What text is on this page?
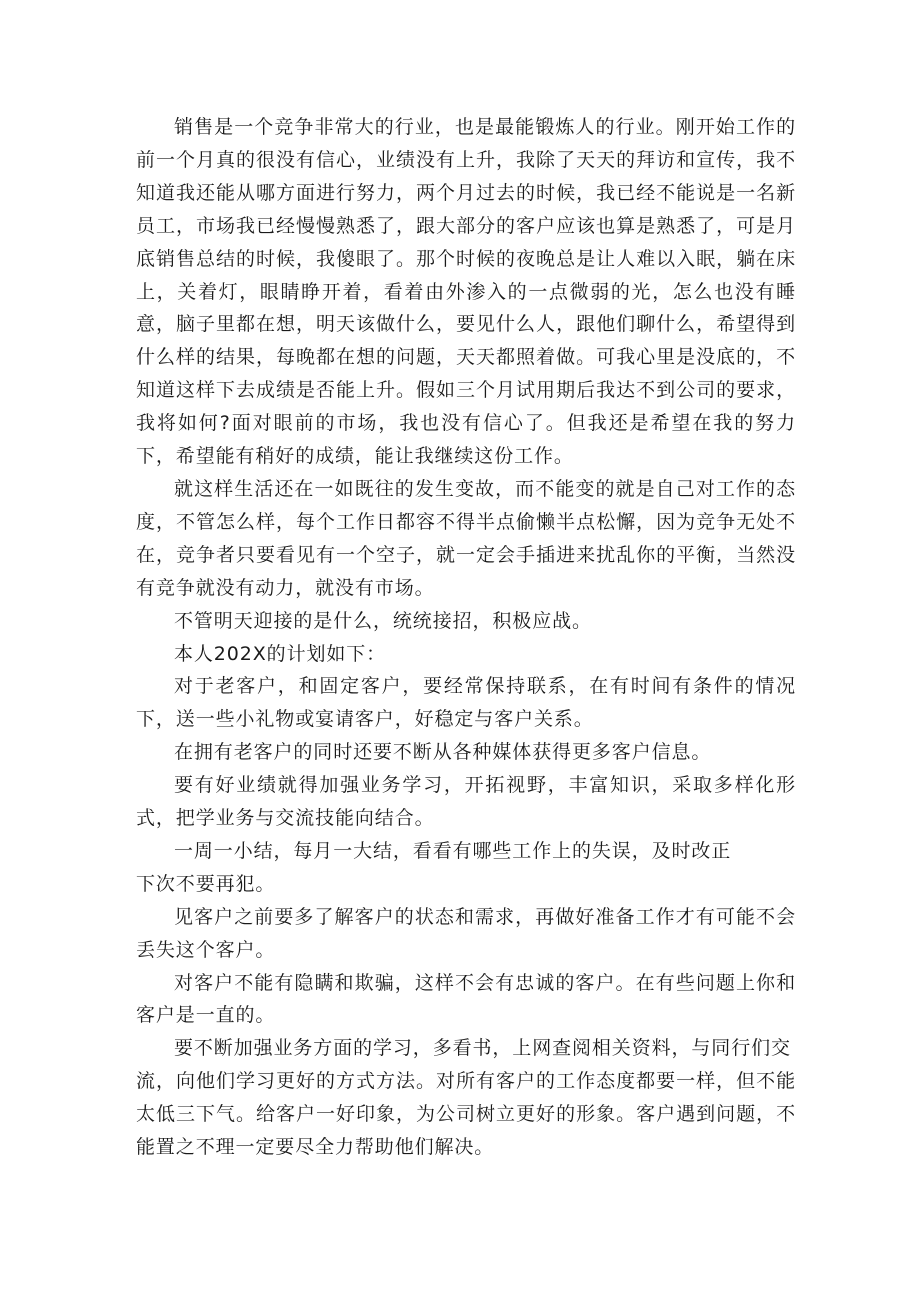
销售是一个竞争非常大的行业，也是最能锻炼人的行业。刚开始工作的前一个月真的很没有信心，业绩没有上升，我除了天天的拜访和宣传，我不知道我还能从哪方面进行努力，两个月过去的时候，我已经不能说是一名新员工，市场我已经慢慢熟悉了，跟大部分的客户应该也算是熟悉了，可是月底销售总结的时候，我傻眼了。那个时候的夜晚总是让人难以入眠，躺在床上，关着灯，眼睛睁开着，看着由外渗入的一点微弱的光，怎么也没有睡意，脑子里都在想，明天该做什么，要见什么人，跟他们聊什么，希望得到什么样的结果，每晚都在想的问题，天天都照着做。可我心里是没底的，不知道这样下去成绩是否能上升。假如三个月试用期后我达不到公司的要求，我将如何?面对眼前的市场，我也没有信心了。但我还是希望在我的努力下，希望能有稍好的成绩，能让我继续这份工作。

就这样生活还在一如既往的发生变故，而不能变的就是自己对工作的态度，不管怎么样，每个工作日都容不得半点偷懒半点松懈，因为竞争无处不在，竞争者只要看见有一个空子，就一定会手插进来扰乱你的平衡，当然没有竞争就没有动力，就没有市场。

不管明天迎接的是什么，统统接招，积极应战。

本人202X的计划如下：

对于老客户，和固定客户，要经常保持联系，在有时间有条件的情况下，送一些小礼物或宴请客户，好稳定与客户关系。

在拥有老客户的同时还要不断从各种媒体获得更多客户信息。

要有好业绩就得加强业务学习，开拓视野，丰富知识，采取多样化形式，把学业务与交流技能向结合。

一周一小结，每月一大结，看看有哪些工作上的失误，及时改正

下次不要再犯。

见客户之前要多了解客户的状态和需求，再做好准备工作才有可能不会丢失这个客户。

对客户不能有隐瞒和欺骗，这样不会有忠诚的客户。在有些问题上你和客户是一直的。

要不断加强业务方面的学习，多看书，上网查阅相关资料，与同行们交

流，向他们学习更好的方式方法。对所有客户的工作态度都要一样，但不能太低三下气。给客户一好印象，为公司树立更好的形象。客户遇到问题，不能置之不理一定要尽全力帮助他们解决。
